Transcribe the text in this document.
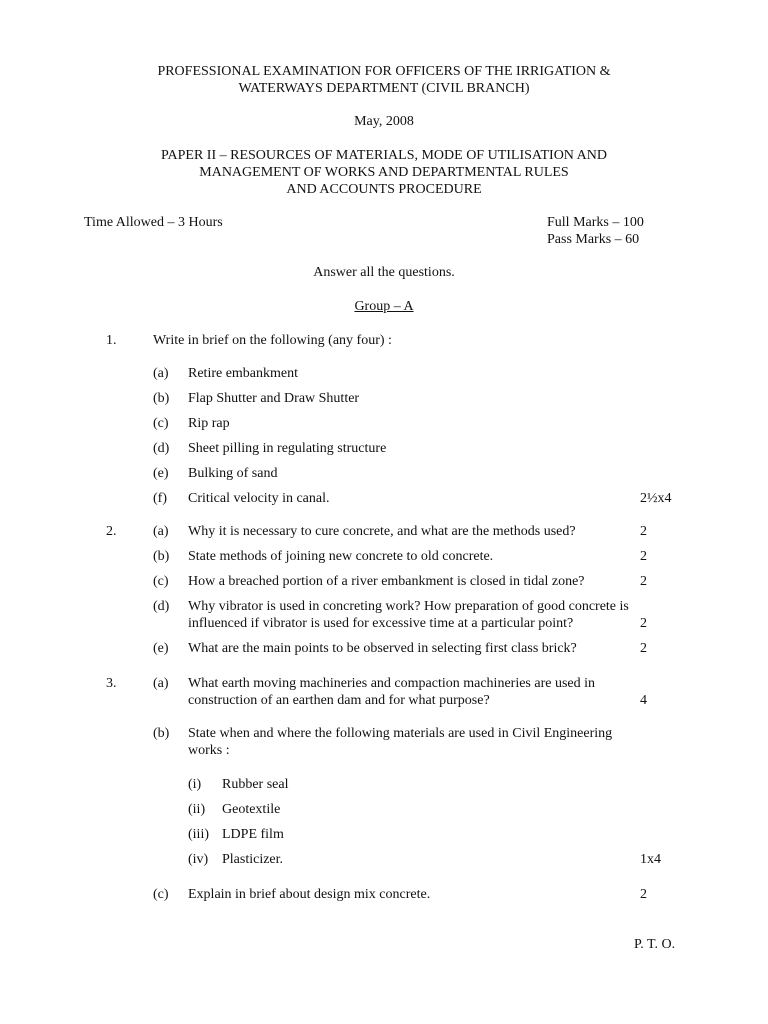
PROFESSIONAL EXAMINATION FOR OFFICERS OF THE IRRIGATION &
WATERWAYS DEPARTMENT (CIVIL BRANCH)
May, 2008
PAPER II – RESOURCES OF MATERIALS, MODE OF UTILISATION AND
MANAGEMENT OF WORKS AND DEPARTMENTAL RULES
AND ACCOUNTS PROCEDURE
Time Allowed – 3 Hours	Full Marks – 100
Pass Marks – 60
Answer all the questions.
Group – A
1.	Write in brief on the following (any four) :
(a) Retire embankment
(b) Flap Shutter and Draw Shutter
(c) Rip rap
(d) Sheet pilling in regulating structure
(e) Bulking of sand
(f) Critical velocity in canal.	2½x4
2.	(a) Why it is necessary to cure concrete, and what are the methods used?	2
(b) State methods of joining new concrete to old concrete.	2
(c) How a breached portion of a river embankment is closed in tidal zone?	2
(d) Why vibrator is used in concreting work? How preparation of good concrete is
influenced if vibrator is used for excessive time at a particular point?	2
(e) What are the main points to be observed in selecting first class brick?	2
3.	(a) What earth moving machineries and compaction machineries are used in
construction of an earthen dam and for what purpose?	4
(b) State when and where the following materials are used in Civil Engineering
works :
(i) Rubber seal
(ii) Geotextile
(iii) LDPE film
(iv) Plasticizer.	1x4
(c) Explain in brief about design mix concrete.	2
P. T. O.
